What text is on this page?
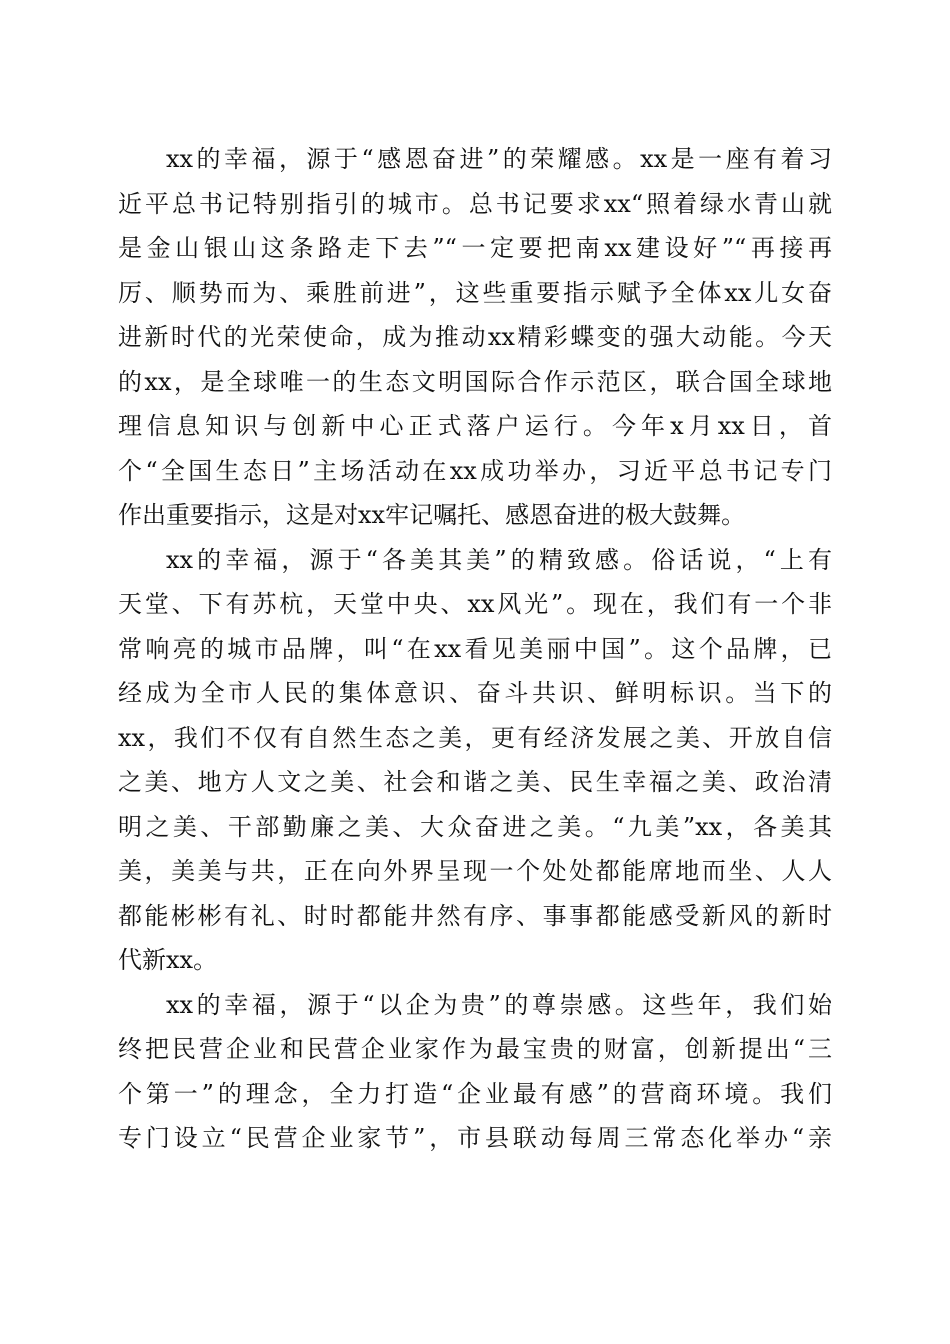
xx的幸福，源于“感恩奋进”的荣耀感。xx是一座有着习
近平总书记特别指引的城市。总书记要求xx“照着绿水青山就
是金山银山这条路走下去”“一定要把南xx建设好”“再接再
厉、顺势而为、乘胜前进”，这些重要指示赋予全体xx儿女奋
进新时代的光荣使命，成为推动xx精彩蝶变的强大动能。今天
的xx，是全球唯一的生态文明国际合作示范区，联合国全球地
理信息知识与创新中心正式落户运行。今年x月xx日，首
个“全国生态日”主场活动在xx成功举办，习近平总书记专门
作出重要指示，这是对xx牢记嘱托、感恩奋进的极大鼓舞。
xx的幸福，源于“各美其美”的精致感。俗话说，“上有
天堂、下有苏杭，天堂中央、xx风光”。现在，我们有一个非
常响亮的城市品牌，叫“在xx看见美丽中国”。这个品牌，已
经成为全市人民的集体意识、奋斗共识、鲜明标识。当下的
xx，我们不仅有自然生态之美，更有经济发展之美、开放自信
之美、地方人文之美、社会和谐之美、民生幸福之美、政治清
明之美、干部勤廉之美、大众奋进之美。“九美”xx，各美其
美，美美与共，正在向外界呈现一个处处都能席地而坐、人人
都能彬彬有礼、时时都能井然有序、事事都能感受新风的新时
代新xx。
xx的幸福，源于“以企为贵”的尊崇感。这些年，我们始
终把民营企业和民营企业家作为最宝贵的财富，创新提出“三
个第一”的理念，全力打造“企业最有感”的营商环境。我们
专门设立“民营企业家节”，市县联动每周三常态化举办“亲
